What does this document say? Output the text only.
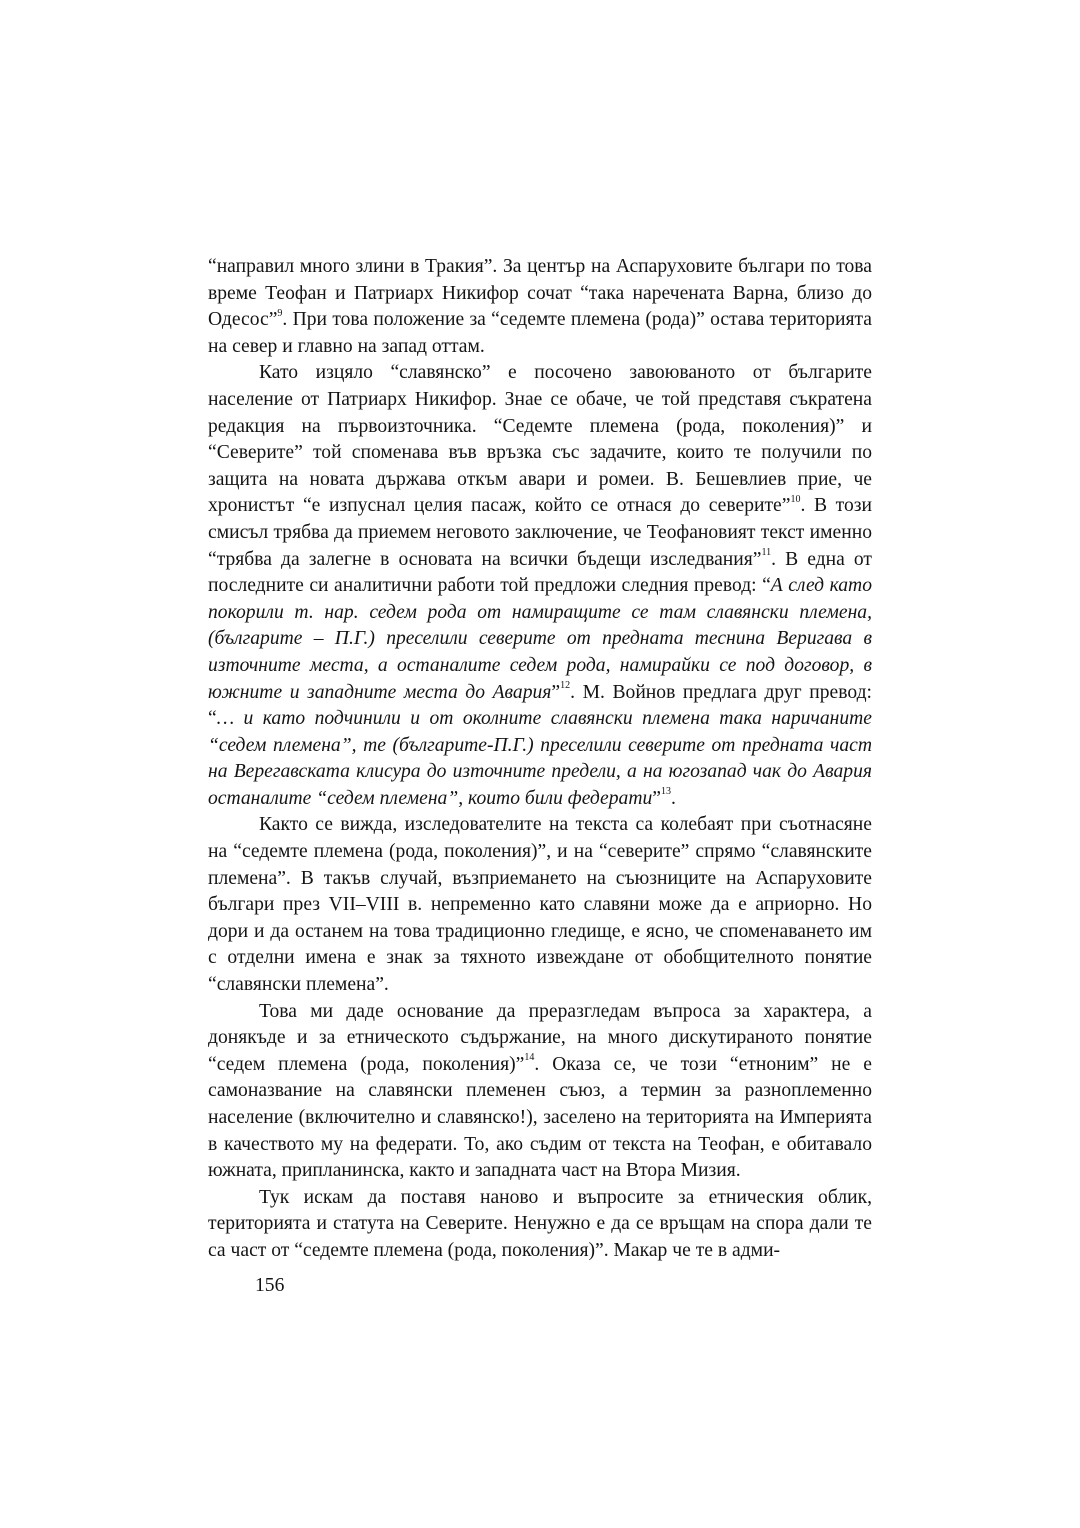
“направил много злини в Тракия”. За център на Аспаруховите българи по това време Теофан и Патриарх Никифор сочат “така наречената Варна, близо до Одесос”$^9$. При това положение за “седемте племена (рода)” остава територията на север и главно на запад оттам.

Като изцяло “славянско” е посочено завоюваното от българите население от Патриарх Никифор. Знае се обаче, че той представя съкратена редакция на първоизточника. “Седемте племена (рода, поколения)” и “Северите” той споменава във връзка със задачите, които те получили по защита на новата държава откъм авари и ромеи. В. Бешевлиев прие, че хронистът “е изпуснал целия пасаж, който се отнася до северите”$^{10}$. В този смисъл трябва да приемем неговото заключение, че Теофановият текст именно “трябва да залегне в основата на всички бъдещи изследвания”$^{11}$. В една от последните си аналитични работи той предложи следния превод: “А след като покорили т. нар. седем рода от намиращите се там славянски племена, (българите – П.Г.) преселили северите от предната теснина Веригава в източните места, а останалите седем рода, намирайки се под договор, в южните и западните места до Авария”$^{12}$. М. Войнов предлага друг превод: “… и като подчинили и от околните славянски племена така наричаните “седем племена”, те (българите-П.Г.) преселили северите от предната част на Верегавската клисура до източните предели, а на югозапад чак до Авария останалите “седем племена”, които били федерати”$^{13}$.

Както се вижда, изследователите на текста са колебаят при съотнасяне на “седемте племена (рода, поколения)”, и на “северите” спрямо “славянските племена”. В такъв случай, възприемането на съюзниците на Аспаруховите българи през VII–VIII в. непременно като славяни може да е априорно. Но дори и да останем на това традиционно гледище, е ясно, че споменаването им с отделни имена е знак за тяхното извеждане от обобщителното понятие “славянски племена”.

Това ми даде основание да преразгледам въпроса за характера, а донякъде и за етническото съдържание, на много дискутираното понятие “седем племена (рода, поколения)”$^{14}$. Оказа се, че този “етноним” не е самоназвание на славянски племенен съюз, а термин за разноплеменно население (включително и славянско!), заселено на територията на Империята в качеството му на федерати. То, ако съдим от текста на Теофан, е обитавало южната, припланинска, както и западната част на Втора Мизия.

Тук искам да поставя наново и въпросите за етническия облик, територията и статута на Северите. Ненужно е да се връщам на спора дали те са част от “седемте племена (рода, поколения)”. Макар че те в адми-

156
